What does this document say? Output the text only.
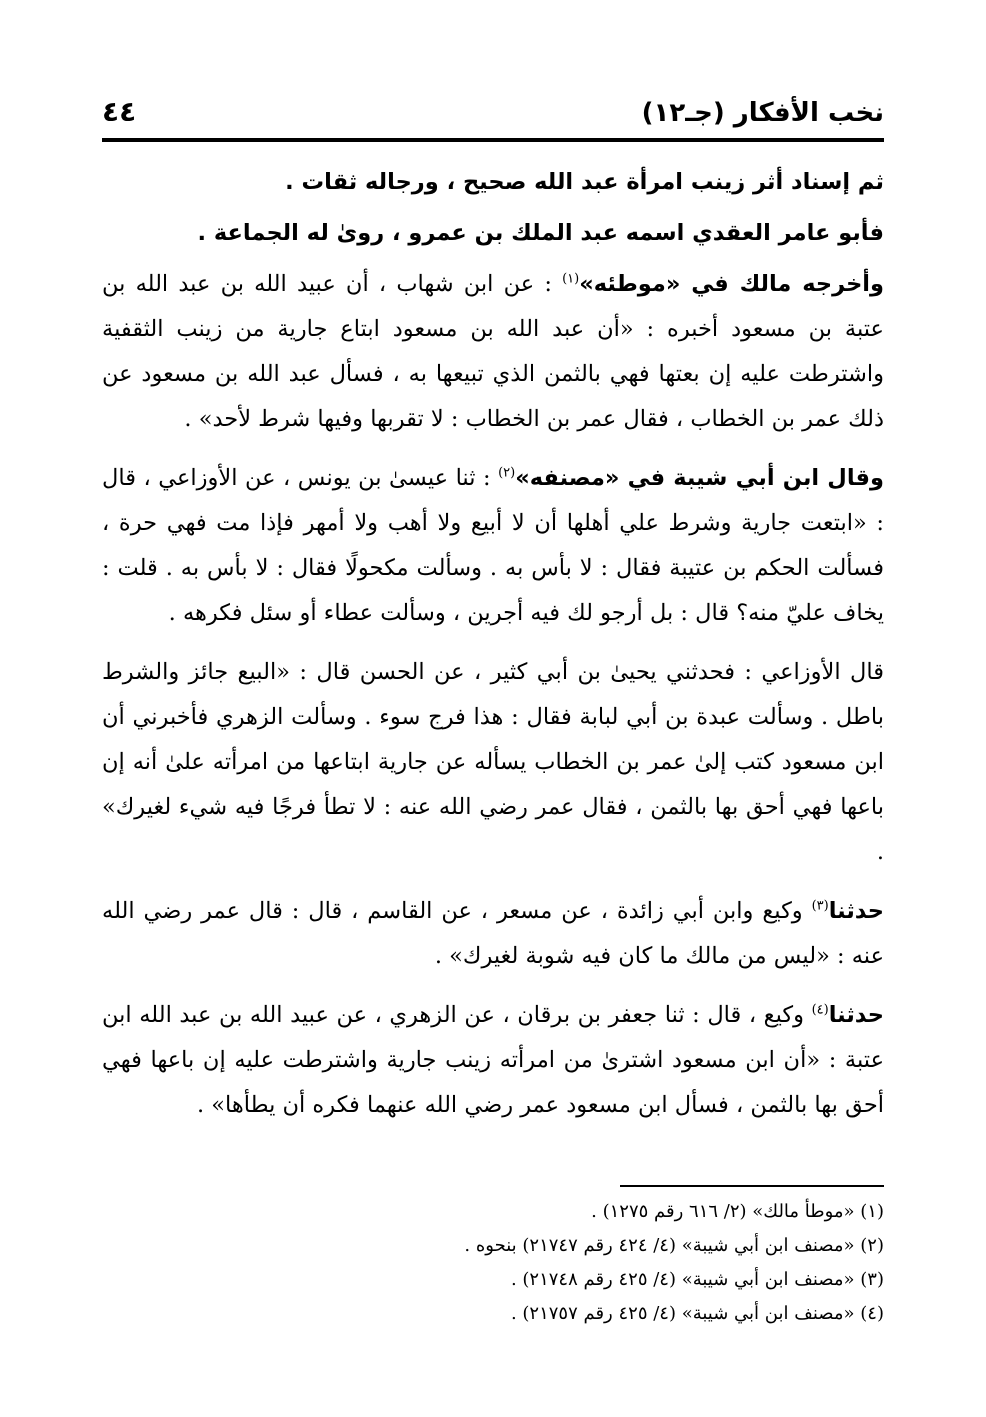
نخب الأفكار (جـ١٢)
٤٤

ثم إسناد أثر زينب امرأة عبد الله صحيح ، ورجاله ثقات .

فأبو عامر العقدي اسمه عبد الملك بن عمرو ، روىٰ له الجماعة .

وأخرجه مالك في «موطئه»$^{(١)}$ : عن ابن شهاب ، أن عبيد الله بن عبد الله بن عتبة بن مسعود أخبره : «أن عبد الله بن مسعود ابتاع جارية من زينب الثقفية واشترطت عليه إن بعتها فهي بالثمن الذي تبيعها به ، فسأل عبد الله بن مسعود عن ذلك عمر بن الخطاب ، فقال عمر بن الخطاب : لا تقربها وفيها شرط لأحد» .

وقال ابن أبي شيبة في «مصنفه»$^{(٢)}$ : ثنا عيسىٰ بن يونس ، عن الأوزاعي ، قال : «ابتعت جارية وشرط علي أهلها أن لا أبيع ولا أهب ولا أمهر فإذا مت فهي حرة ، فسألت الحكم بن عتيبة فقال : لا بأس به . وسألت مكحولًا فقال : لا بأس به . قلت : يخاف عليّ منه؟ قال : بل أرجو لك فيه أجرين ، وسألت عطاء أو سئل فكرهه .

قال الأوزاعي : فحدثني يحيىٰ بن أبي كثير ، عن الحسن قال : «البيع جائز والشرط باطل . وسألت عبدة بن أبي لبابة فقال : هذا فرج سوء . وسألت الزهري فأخبرني أن ابن مسعود كتب إلىٰ عمر بن الخطاب يسأله عن جارية ابتاعها من امرأته علىٰ أنه إن باعها فهي أحق بها بالثمن ، فقال عمر رضي الله عنه : لا تطأ فرجًا فيه شيء لغيرك» .

حدثنا$^{(٣)}$ وكيع وابن أبي زائدة ، عن مسعر ، عن القاسم ، قال : قال عمر رضي الله عنه : «ليس من مالك ما كان فيه شوبة لغيرك» .

حدثنا$^{(٤)}$ وكيع ، قال : ثنا جعفر بن برقان ، عن الزهري ، عن عبيد الله بن عبد الله ابن عتبة : «أن ابن مسعود اشترىٰ من امرأته زينب جارية واشترطت عليه إن باعها فهي أحق بها بالثمن ، فسأل ابن مسعود عمر رضي الله عنهما فكره أن يطأها» .

(١) «موطأ مالك» (٢/ ٦١٦ رقم ١٢٧٥) .
(٢) «مصنف ابن أبي شيبة» (٤/ ٤٢٤ رقم ٢١٧٤٧) بنحوه .
(٣) «مصنف ابن أبي شيبة» (٤/ ٤٢٥ رقم ٢١٧٤٨) .
(٤) «مصنف ابن أبي شيبة» (٤/ ٤٢٥ رقم ٢١٧٥٧) .
